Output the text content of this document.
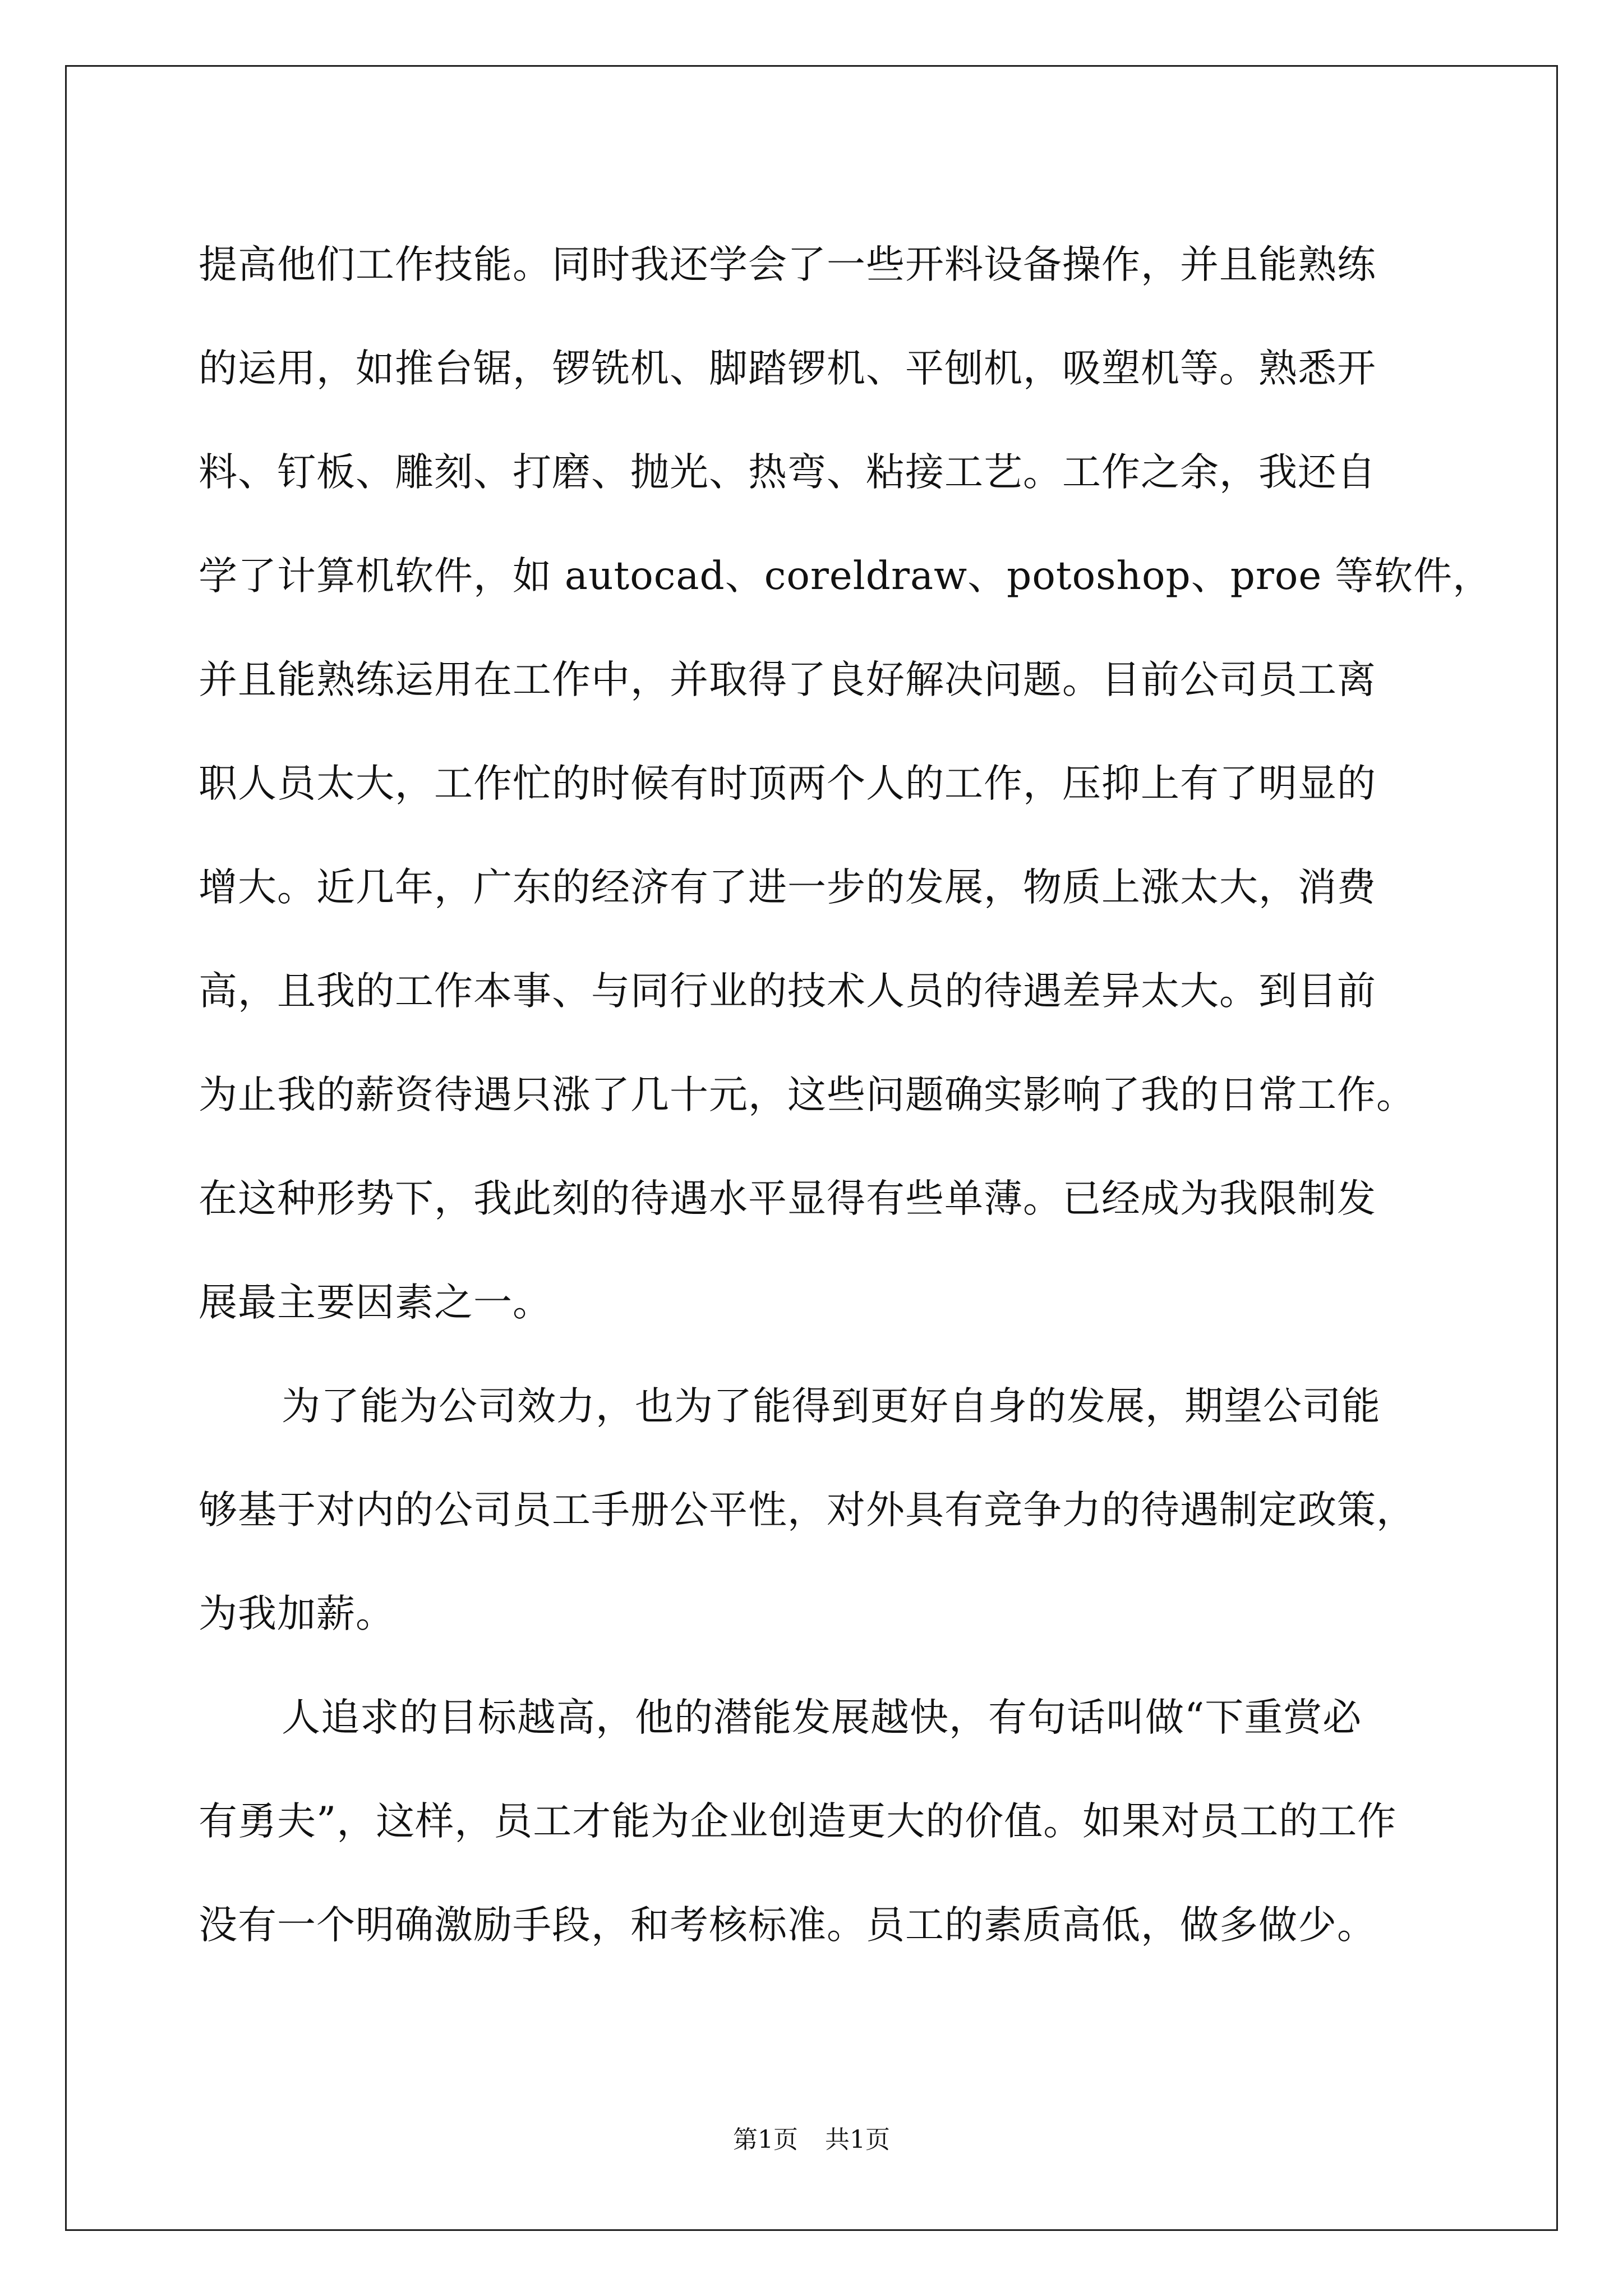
提高他们工作技能。同时我还学会了一些开料设备操作，并且能熟练
的运用，如推台锯，锣铣机、脚踏锣机、平刨机，吸塑机等。熟悉开
料、钉板、雕刻、打磨、抛光、热弯、粘接工艺。工作之余，我还自
学了计算机软件，如 autocad、coreldraw、potoshop、proe 等软件，
并且能熟练运用在工作中，并取得了良好解决问题。目前公司员工离
职人员太大，工作忙的时候有时顶两个人的工作，压抑上有了明显的
增大。近几年，广东的经济有了进一步的发展，物质上涨太大，消费
高，且我的工作本事、与同行业的技术人员的待遇差异太大。到目前
为止我的薪资待遇只涨了几十元，这些问题确实影响了我的日常工作。
在这种形势下，我此刻的待遇水平显得有些单薄。已经成为我限制发
展最主要因素之一。
为了能为公司效力，也为了能得到更好自身的发展，期望公司能
够基于对内的公司员工手册公平性，对外具有竞争力的待遇制定政策，
为我加薪。
人追求的目标越高，他的潜能发展越快，有句话叫做“下重赏必
有勇夫”，这样，员工才能为企业创造更大的价值。如果对员工的工作
没有一个明确激励手段，和考核标准。员工的素质高低，做多做少。
第1页 共1页
